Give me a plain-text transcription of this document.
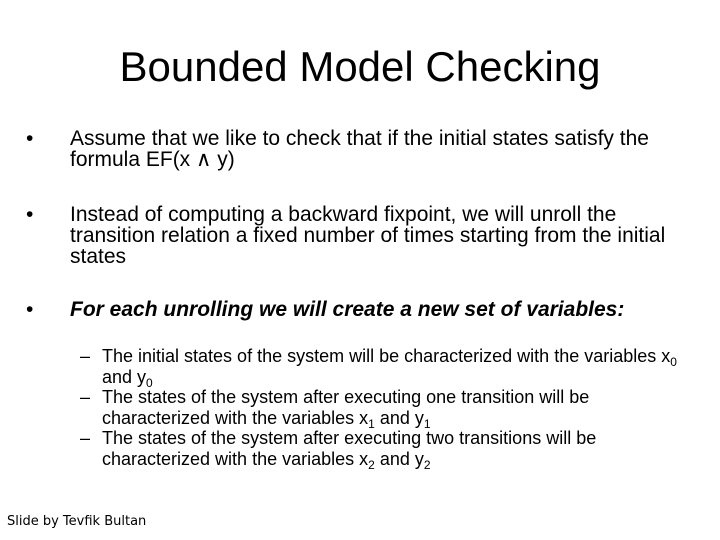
Bounded Model Checking
•	Assume that we like to check that if the initial states satisfy the formula EF(x ∧ y)
•	Instead of computing a backward fixpoint, we will unroll the transition relation a fixed number of times starting from the initial states
•	For each unrolling we will create a new set of variables:
– The initial states of the system will be characterized with the variables $x_0$ and $y_0$
– The states of the system after executing one transition will be characterized with the variables $x_1$ and $y_1$
– The states of the system after executing two transitions will be characterized with the variables $x_2$ and $y_2$
Slide by Tevfik Bultan
